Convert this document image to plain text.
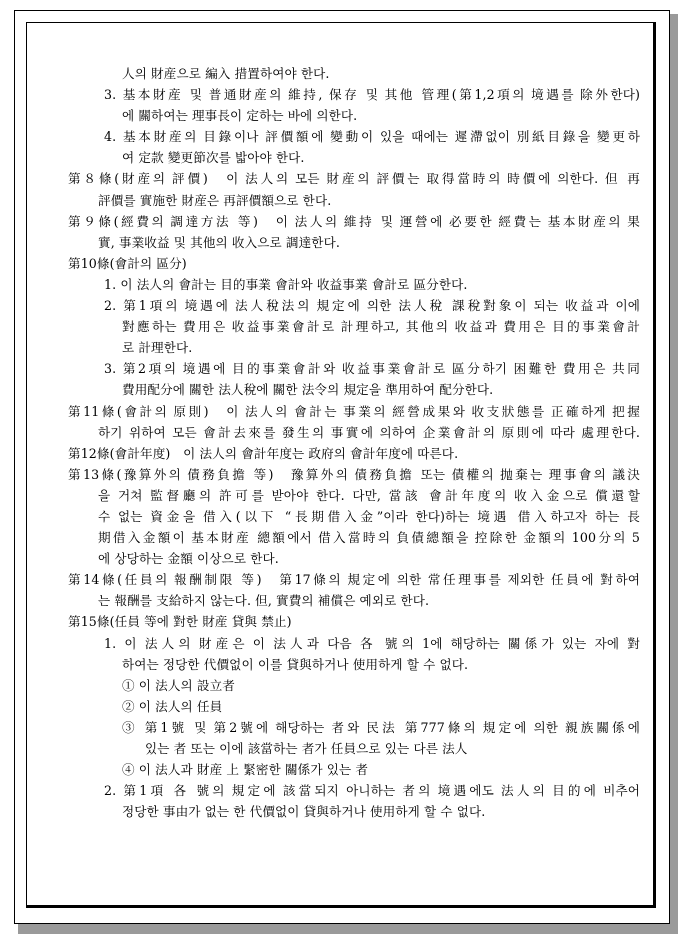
人의 財産으로 編入 措置하여야 한다.
3. 基本財産 및 普通財産의 維持, 保存 및 其他 管理(第1,2項의 境遇를 除外한다)
에 關하여는 理事長이 定하는 바에 의한다.
4. 基本財産의 目錄이나 評價額에 變動이 있을 때에는 遲滯없이 別紙目錄을 變更하
여 定款 變更節次를 밟아야 한다.
第８條(財産의 評價)　이 法人의 모든 財産의 評價는 取得當時의 時價에 의한다. 但 再
評價를 實施한 財産은 再評價額으로 한다.
第９條(經費의 調達方法 等)　이 法人의 維持 및 運營에 必要한 經費는 基本財産의 果
實, 事業收益 및 其他의 收入으로 調達한다.
第10條(會計의 區分)
1. 이 法人의 會計는 目的事業 會計와 收益事業 會計로 區分한다.
2. 第1項의 境遇에 法人稅法의 規定에 의한 法人稅 課稅對象이 되는 收益과 이에
對應하는 費用은 收益事業會計로 計理하고, 其他의 收益과 費用은 目的事業會計
로 計理한다.
3. 第2項의 境遇에 目的事業會計와 收益事業會計로 區分하기 困難한 費用은 共同
費用配分에 關한 法人稅에 關한 法令의 規定을 準用하여 配分한다.
第11條(會計의 原則)　이 法人의 會計는 事業의 經營成果와 收支狀態를 正確하게 把握
하기 위하여 모든 會計去來를 發生의 事實에 의하여 企業會計의 原則에 따라 處理한다.
第12條(會計年度)　이 法人의 會計年度는 政府의 會計年度에 따른다.
第13條(豫算外의 債務負擔 等)　豫算外의 債務負擔 또는 債權의 抛棄는 理事會의 議決
을 거쳐 監督廳의 許可를 받아야 한다. 다만, 當該 會計年度의 收入金으로 償還할
수 없는 資金을 借入(以下 “長期借入金”이라 한다)하는 境遇 借入하고자 하는 長
期借入金額이 基本財産 總額에서 借入當時의 負債總額을 控除한 金額의 100分의 5
에 상당하는 金額 이상으로 한다.
第14條(任員의 報酬制限 等)　第17條의 規定에 의한 常任理事를 제외한 任員에 對하여
는 報酬를 支給하지 않는다. 但, 實費의 補償은 예외로 한다.
第15條(任員 等에 對한 財産 貸與 禁止)
1. 이 法人의 財産은 이 法人과 다음 各 號의 1에 해당하는 關係가 있는 자에 對
하여는 정당한 代價없이 이를 貸與하거나 使用하게 할 수 없다.
① 이 法人의 設立者
② 이 法人의 任員
③ 第1號 및 第2號에 해당하는 者와 民法 第777條의 規定에 의한 親族關係에
있는 者 또는 이에 該當하는 者가 任員으로 있는 다른 法人
④ 이 法人과 財産 上 緊密한 關係가 있는 者
2. 第1項 各 號의 規定에 該當되지 아니하는 者의 境遇에도 法人의 目的에 비추어
정당한 事由가 없는 한 代價없이 貸與하거나 使用하게 할 수 없다.
